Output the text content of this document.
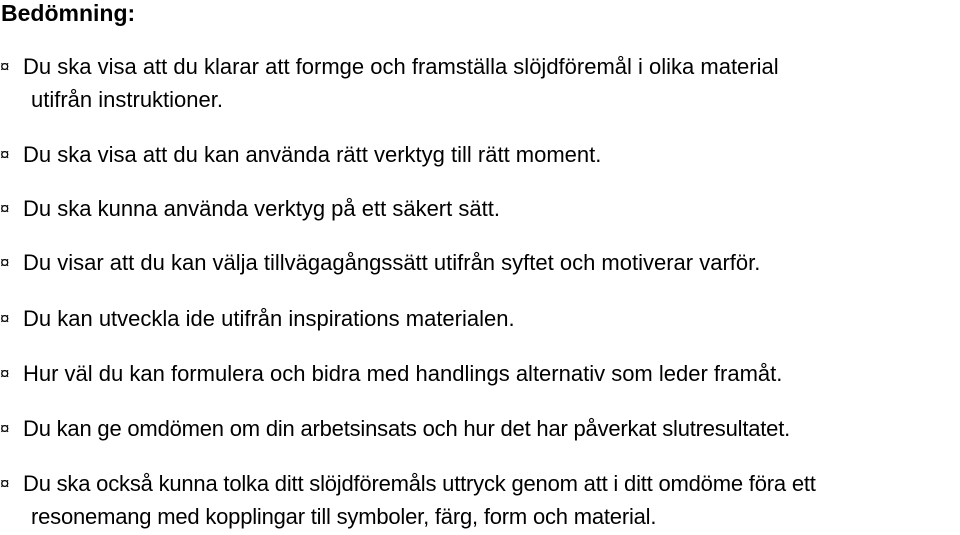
Bedömning:
¤ Du ska visa att du klarar att formge och framställa slöjdföremål i olika material
utifrån instruktioner.
¤ Du ska visa att du kan använda rätt verktyg till rätt moment.
¤ Du ska kunna använda verktyg på ett säkert sätt.
¤ Du visar att du kan välja tillvägagångssätt utifrån syftet och motiverar varför.
¤ Du kan utveckla ide utifrån inspirations materialen.
¤ Hur väl du kan formulera och bidra med handlings alternativ som leder framåt.
¤ Du kan ge omdömen om din arbetsinsats och hur det har påverkat slutresultatet.
¤ Du ska också kunna tolka ditt slöjdföremåls uttryck genom att i ditt omdöme föra ett
resonemang med kopplingar till symboler, färg, form och material.
